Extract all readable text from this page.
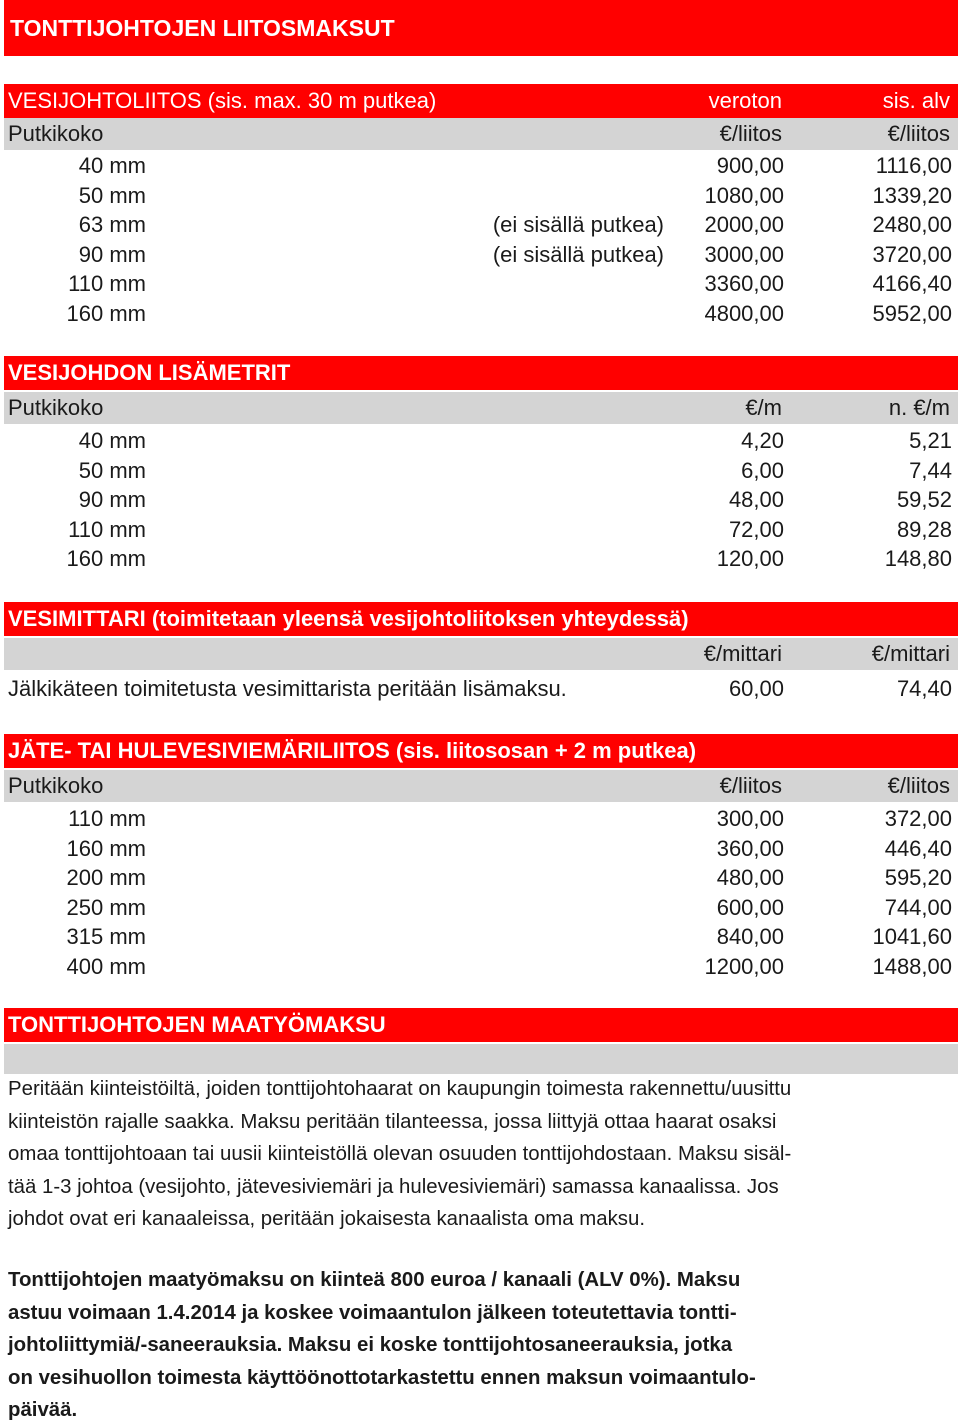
TONTTIJOHTOJEN LIITOSMAKSUT
VESIJOHTOLIITOS (sis. max. 30 m putkea)	veroton	sis. alv
Putkikoko	€/liitos	€/liitos
40 mm	900,00	1116,00
50 mm	1080,00	1339,20
63 mm	(ei sisällä putkea) 2000,00	2480,00
90 mm	(ei sisällä putkea) 3000,00	3720,00
110 mm	3360,00	4166,40
160 mm	4800,00	5952,00
VESIJOHDON LISÄMETRIT
Putkikoko	€/m	n. €/m
40 mm	4,20	5,21
50 mm	6,00	7,44
90 mm	48,00	59,52
110 mm	72,00	89,28
160 mm	120,00	148,80
VESIMITTARI (toimitetaan yleensä vesijohtoliitoksen yhteydessä)
€/mittari	€/mittari
Jälkikäteen toimitetusta vesimittarista peritään lisämaksu.	60,00	74,40
JÄTE- TAI HULEVESIVIEMÄRILIITOS (sis. liitososan + 2 m putkea)
Putkikoko	€/liitos	€/liitos
110 mm	300,00	372,00
160 mm	360,00	446,40
200 mm	480,00	595,20
250 mm	600,00	744,00
315 mm	840,00	1041,60
400 mm	1200,00	1488,00
TONTTIJOHTOJEN MAATYÖMAKSU

Peritään kiinteistöiltä, joiden tonttijohtohaarat on kaupungin toimesta rakennettu/uusittu

kiinteistön rajalle saakka. Maksu peritään tilanteessa, jossa liittyjä ottaa haarat osaksi

omaa tonttijohtoaan tai uusii kiinteistöllä olevan osuuden tonttijohdostaan. Maksu sisäl-

tää 1-3 johtoa (vesijohto, jätevesiviemäri ja hulevesiviemäri) samassa kanaalissa. Jos

johdot ovat eri kanaaleissa, peritään jokaisesta kanaalista oma maksu.

Tonttijohtojen maatyömaksu on kiinteä 800 euroa / kanaali (ALV 0%). Maksu

astuu voimaan 1.4.2014 ja koskee voimaantulon jälkeen toteutettavia tontti-

johtoliittymiä/-saneerauksia. Maksu ei koske tonttijohtosaneerauksia, jotka

on vesihuollon toimesta käyttöönottotarkastettu ennen maksun voimaantulo-

päivää.
